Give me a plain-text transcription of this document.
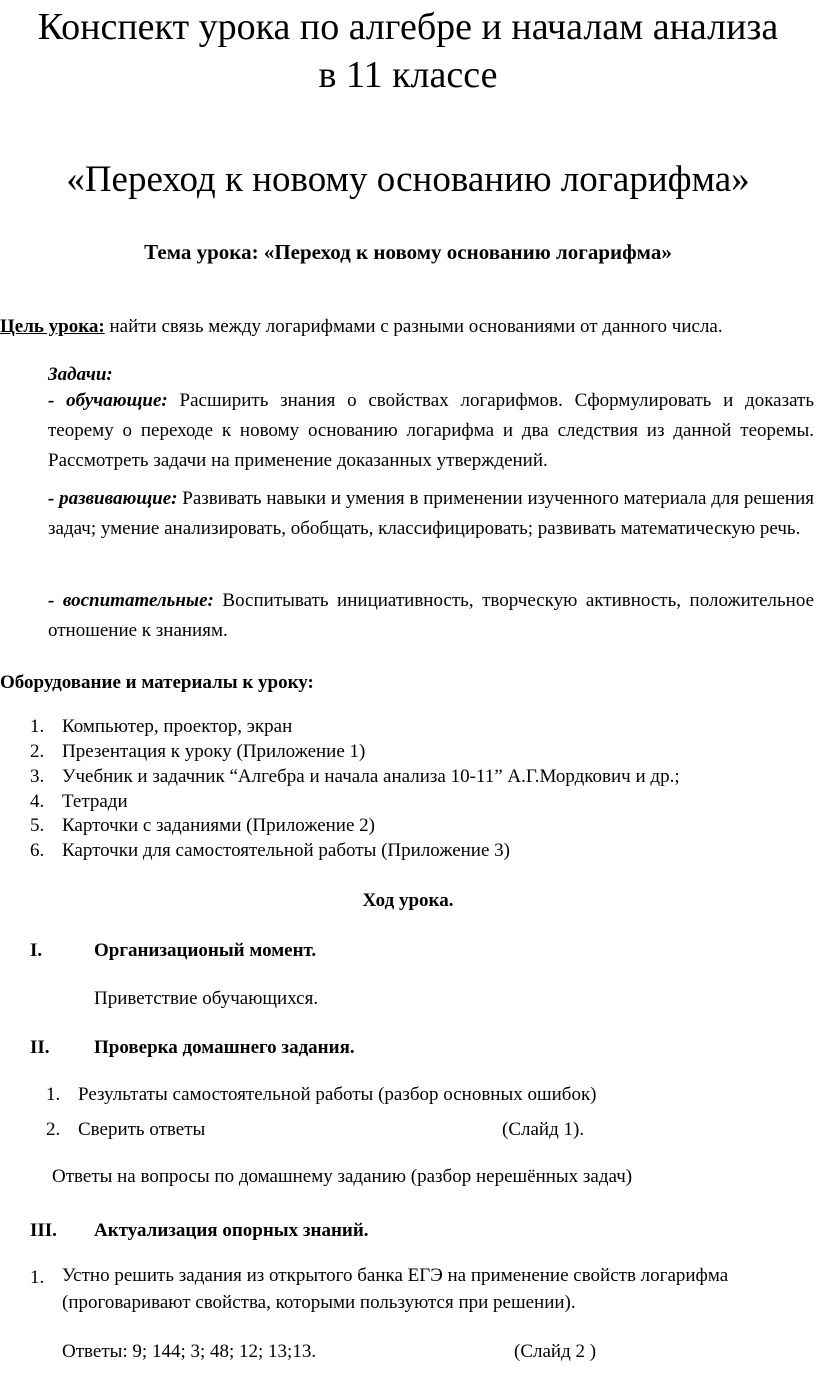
Конспект урока по алгебре и началам анализа
в 11 классе
«Переход к новому основанию логарифма»
Тема урока: «Переход к новому основанию логарифма»
Цель урока: найти связь между логарифмами с разными основаниями от данного числа.
Задачи:
- обучающие: Расширить знания о свойствах логарифмов. Сформулировать и доказать теорему о переходе к новому основанию логарифма и два следствия из данной теоремы. Рассмотреть задачи на применение доказанных утверждений.
- развивающие: Развивать навыки и умения в применении изученного материала для решения задач; умение анализировать, обобщать, классифицировать; развивать математическую речь.
- воспитательные: Воспитывать инициативность, творческую активность, положительное отношение к знаниям.
Оборудование и материалы к уроку:
1. Компьютер, проектор, экран
2. Презентация к уроку (Приложение 1)
3. Учебник и задачник “Алгебра и начала анализа 10-11” А.Г.Мордкович и др.;
4. Тетради
5. Карточки с заданиями (Приложение 2)
6. Карточки для самостоятельной работы (Приложение 3)
Ход урока.
I.	Организационый момент.
Приветствие обучающихся.
II. Проверка домашнего задания.
1. Результаты самостоятельной работы (разбор основных ошибок)
2. Сверить ответы	(Слайд 1).
Ответы на вопросы по домашнему заданию (разбор нерешённых задач)
III. Актуализация опорных знаний.
1. Устно решить задания из открытого банка ЕГЭ на применение свойств логарифма (проговаривают свойства, которыми пользуются при решении).
Ответы: 9; 144; 3; 48; 12; 13;13.	(Слайд 2 )
